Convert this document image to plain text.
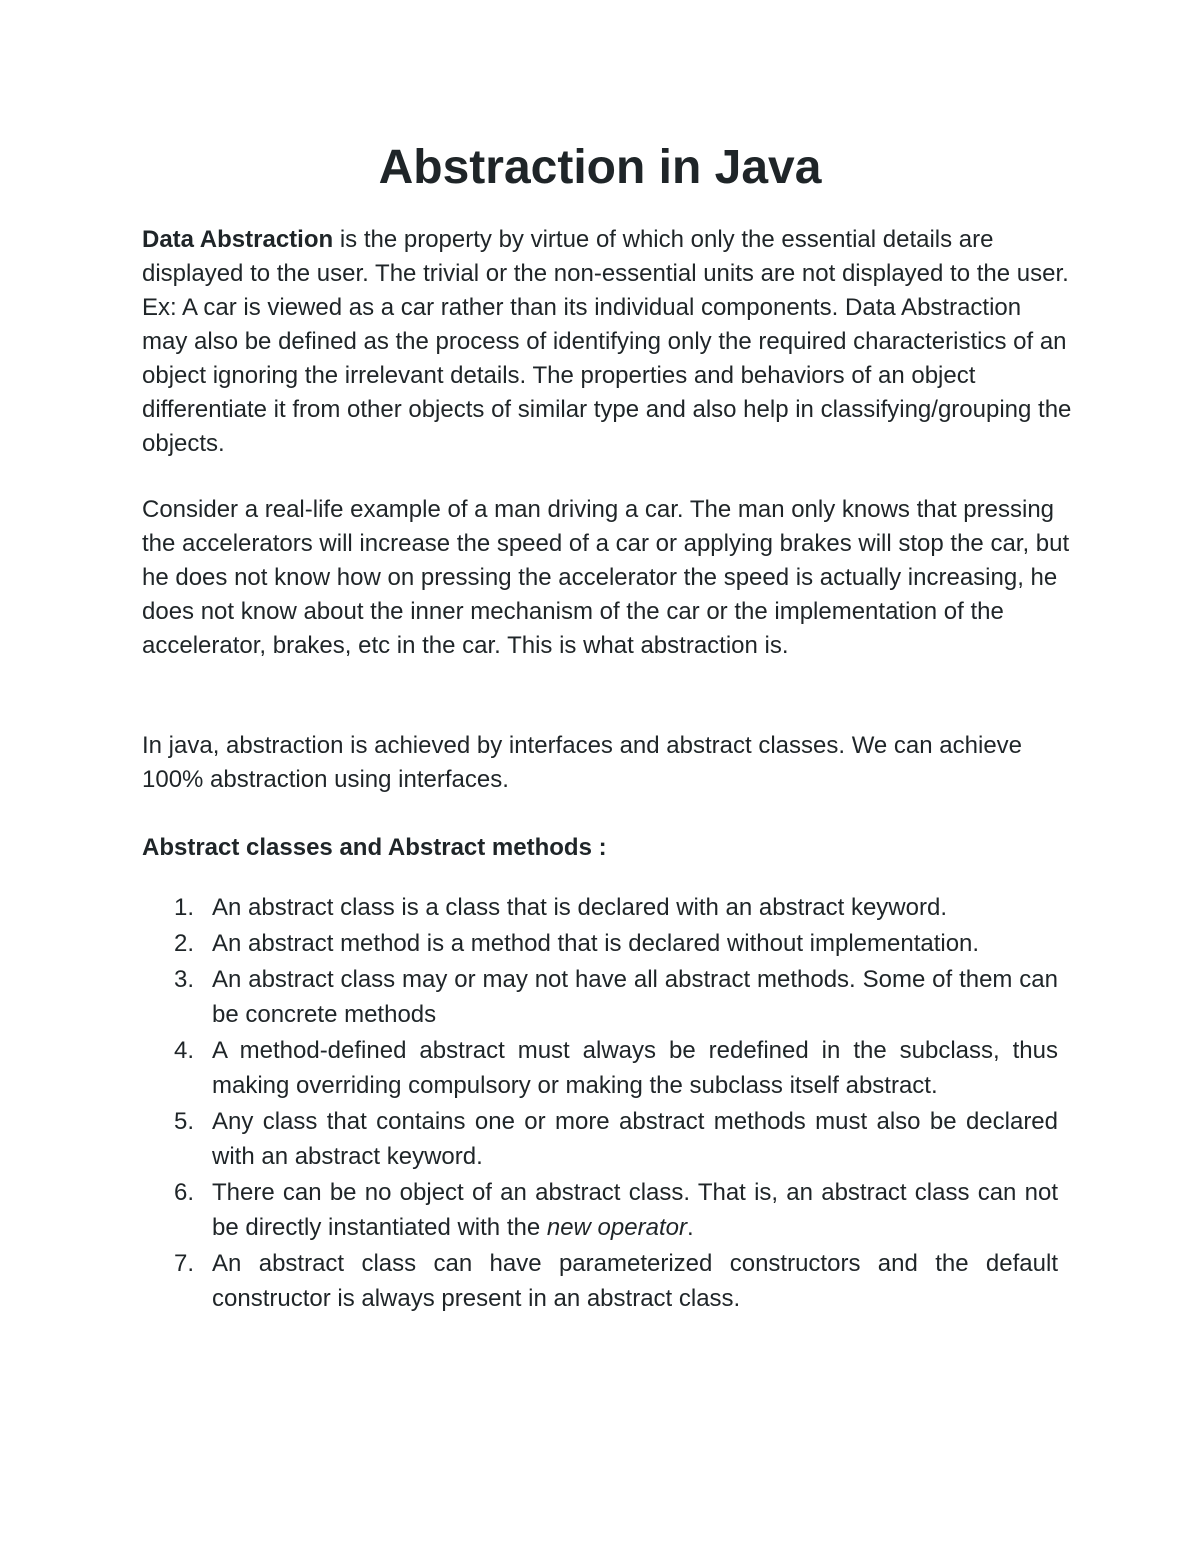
Abstraction in Java

Data Abstraction is the property by virtue of which only the essential details are displayed to the user. The trivial or the non-essential units are not displayed to the user. Ex: A car is viewed as a car rather than its individual components. Data Abstraction may also be defined as the process of identifying only the required characteristics of an object ignoring the irrelevant details. The properties and behaviors of an object differentiate it from other objects of similar type and also help in classifying/grouping the objects.

Consider a real-life example of a man driving a car. The man only knows that pressing the accelerators will increase the speed of a car or applying brakes will stop the car, but he does not know how on pressing the accelerator the speed is actually increasing, he does not know about the inner mechanism of the car or the implementation of the accelerator, brakes, etc in the car. This is what abstraction is.

In java, abstraction is achieved by interfaces and abstract classes. We can achieve 100% abstraction using interfaces.

Abstract classes and Abstract methods :

1. An abstract class is a class that is declared with an abstract keyword.
2. An abstract method is a method that is declared without implementation.
3. An abstract class may or may not have all abstract methods. Some of them can be concrete methods
4. A method-defined abstract must always be redefined in the subclass, thus making overriding compulsory or making the subclass itself abstract.
5. Any class that contains one or more abstract methods must also be declared with an abstract keyword.
6. There can be no object of an abstract class. That is, an abstract class can not be directly instantiated with the new operator.
7. An abstract class can have parameterized constructors and the default constructor is always present in an abstract class.
